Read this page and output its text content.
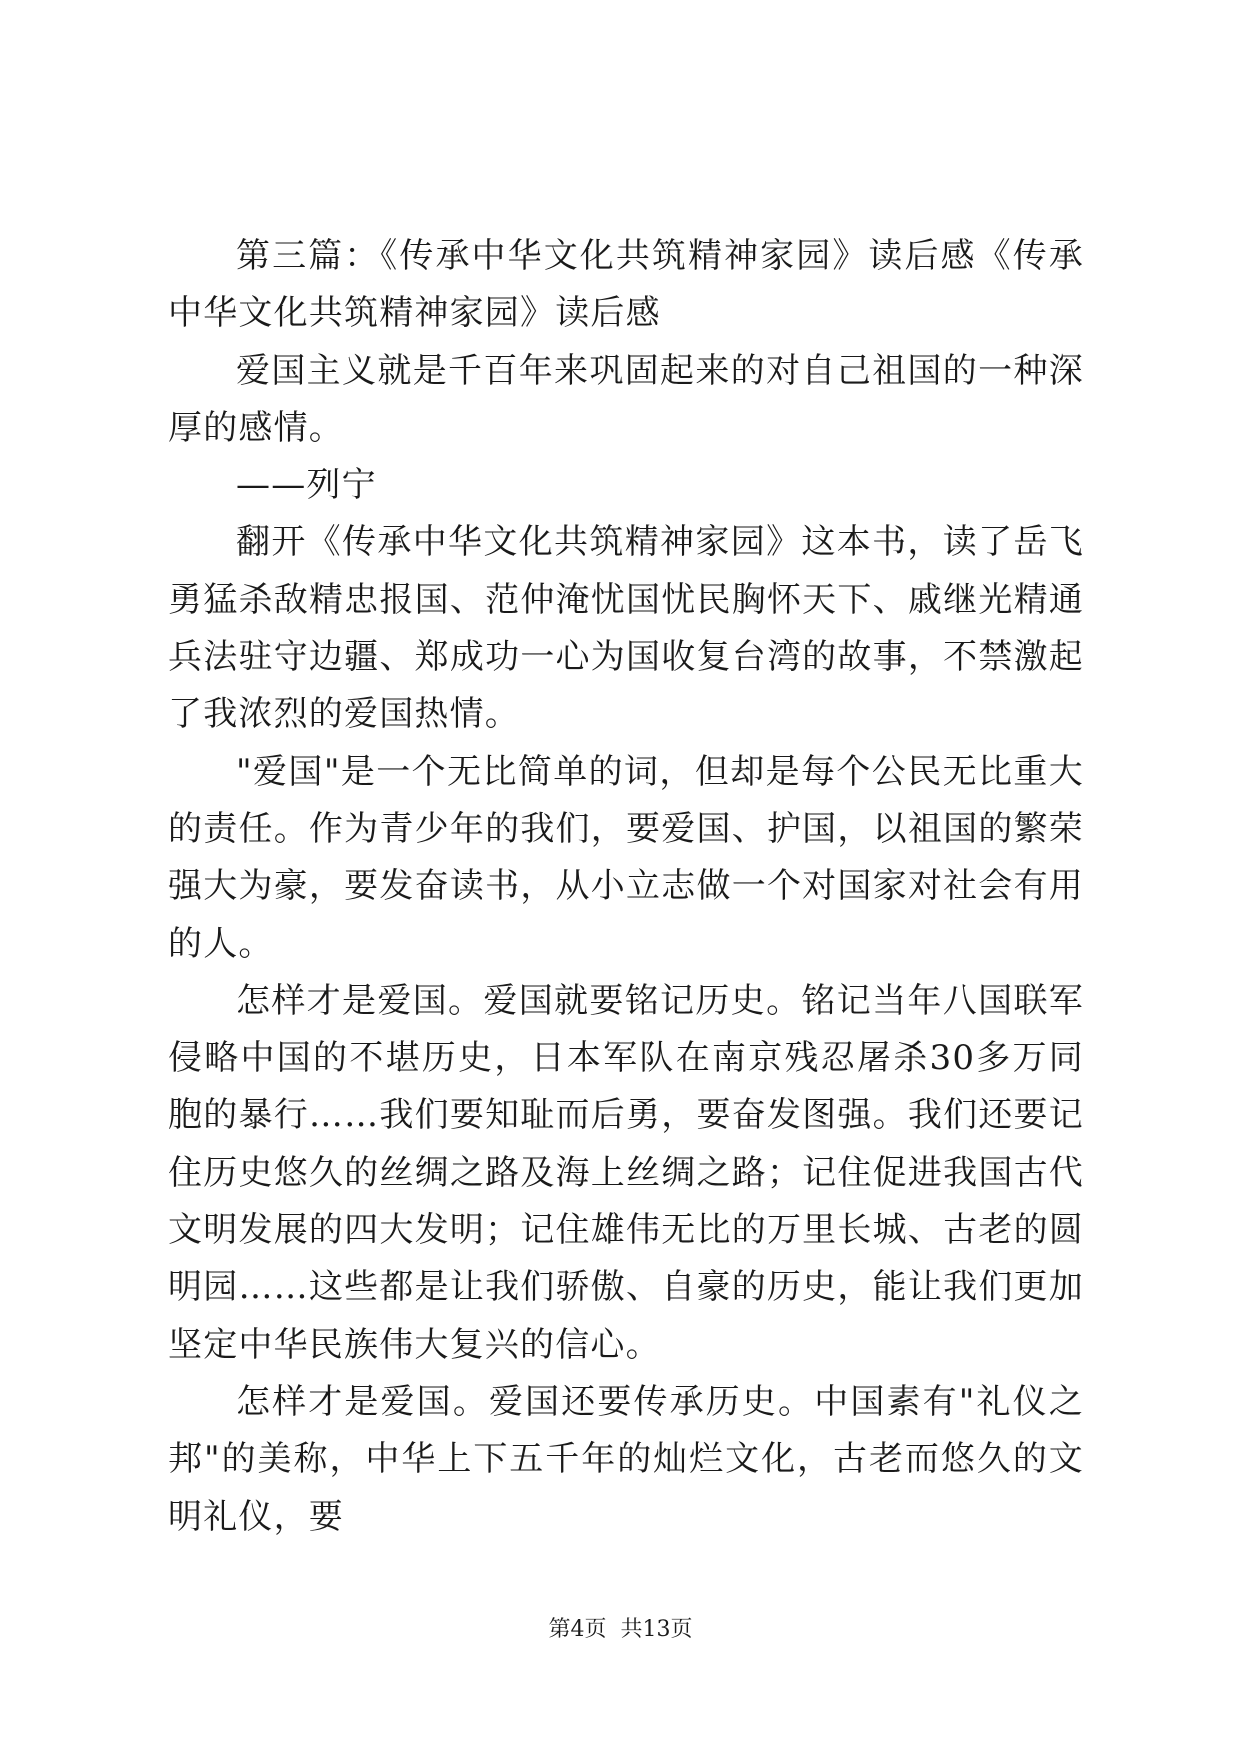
第三篇：《传承中华文化共筑精神家园》读后感《传承中华文化共筑精神家园》读后感

爱国主义就是千百年来巩固起来的对自己祖国的一种深厚的感情。

——列宁

翻开《传承中华文化共筑精神家园》这本书，读了岳飞勇猛杀敌精忠报国、范仲淹忧国忧民胸怀天下、戚继光精通兵法驻守边疆、郑成功一心为国收复台湾的故事，不禁激起了我浓烈的爱国热情。

"爱国"是一个无比简单的词，但却是每个公民无比重大的责任。作为青少年的我们，要爱国、护国，以祖国的繁荣强大为豪，要发奋读书，从小立志做一个对国家对社会有用的人。

怎样才是爱国。爱国就要铭记历史。铭记当年八国联军侵略中国的不堪历史，日本军队在南京残忍屠杀30多万同胞的暴行……我们要知耻而后勇，要奋发图强。我们还要记住历史悠久的丝绸之路及海上丝绸之路；记住促进我国古代文明发展的四大发明；记住雄伟无比的万里长城、古老的圆明园……这些都是让我们骄傲、自豪的历史，能让我们更加坚定中华民族伟大复兴的信心。

怎样才是爱国。爱国还要传承历史。中国素有"礼仪之邦"的美称，中华上下五千年的灿烂文化，古老而悠久的文明礼仪，要

第4页 共13页
